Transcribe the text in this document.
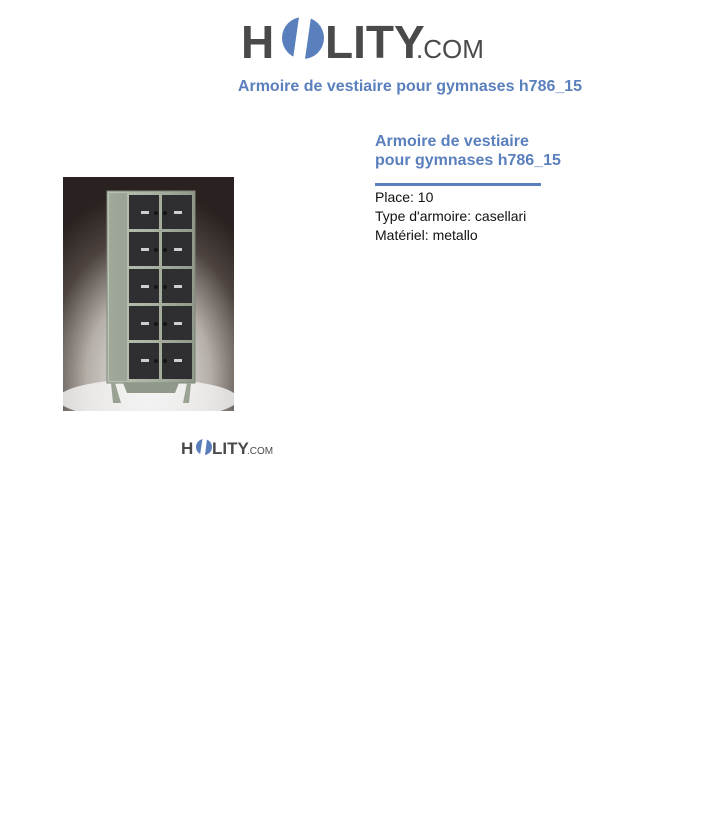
H LITY
.COM
Armoire de vestiaire pour gymnases h786_15
H LITY
.COM
Armoire de vestiaire
pour gymnases h786_15
Place: 10
Type d'armoire: casellari
Matériel: metallo
